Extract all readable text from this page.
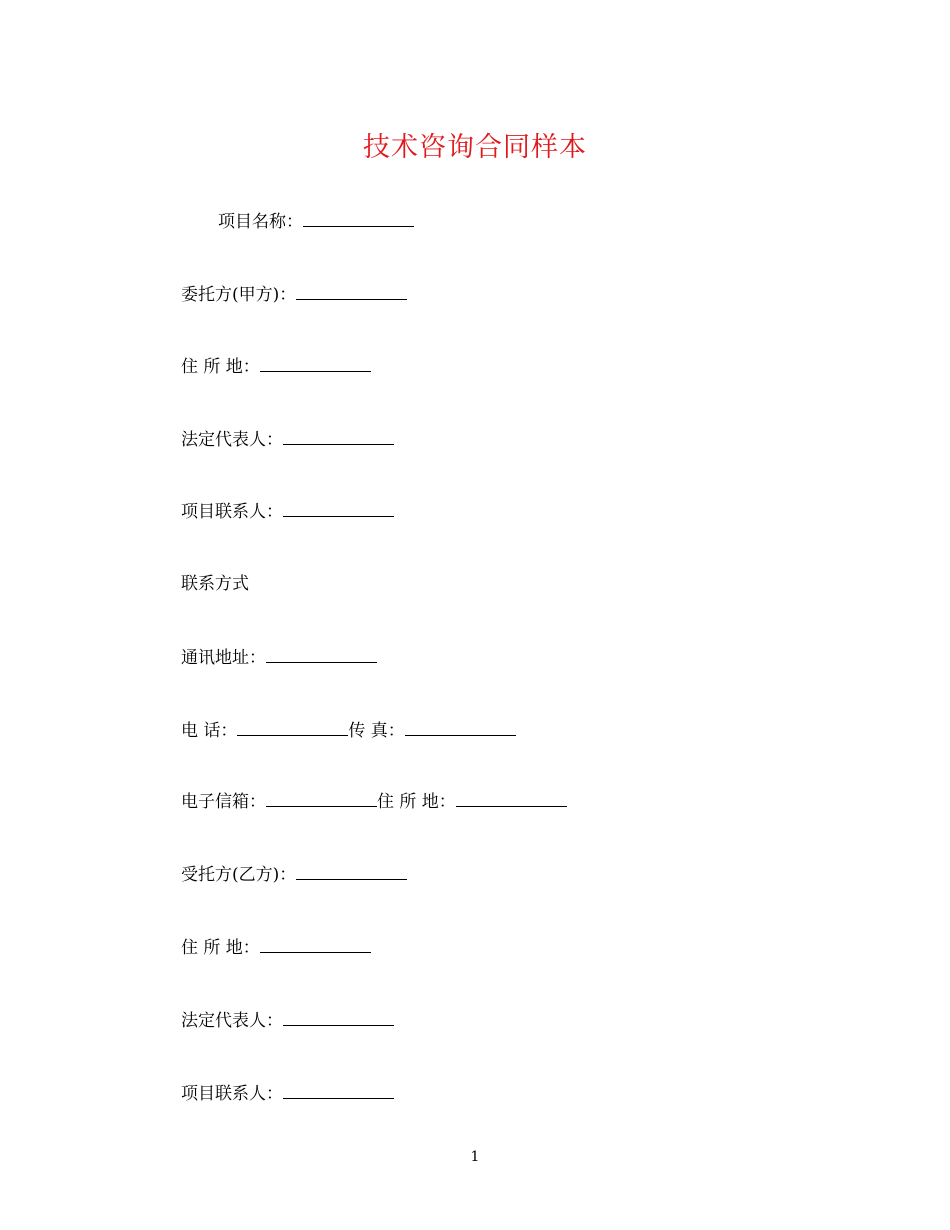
技术咨询合同样本
项目名称：
委托方(甲方)：
住 所 地：
法定代表人：
项目联系人：
联系方式
通讯地址：
电 话：	传 真：
电子信箱：	住 所 地：
受托方(乙方)：
住 所 地：
法定代表人：
项目联系人：
1
